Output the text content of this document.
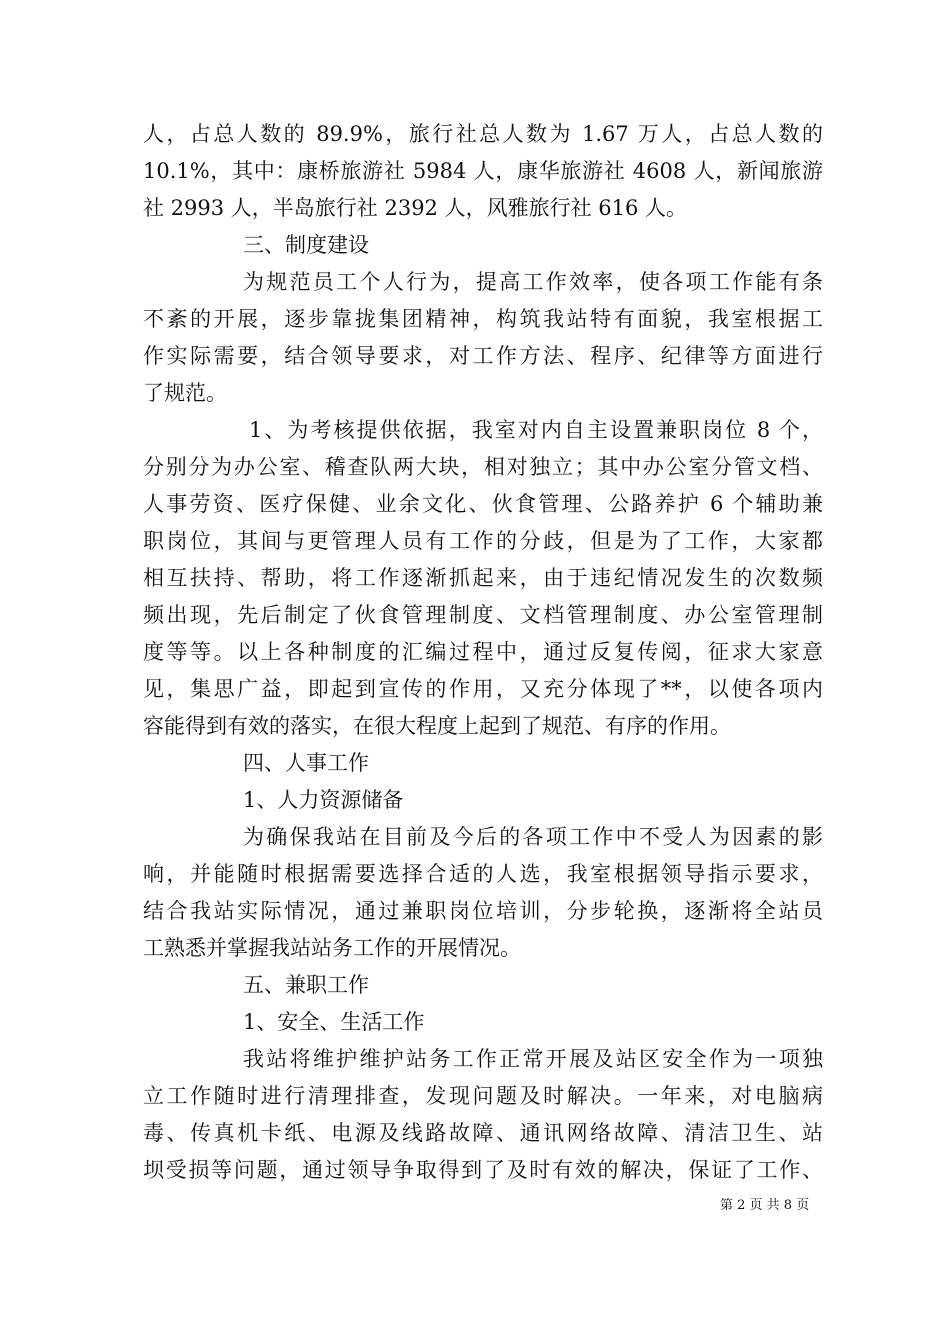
人，占总人数的 89.9%，旅行社总人数为 1.67 万人，占总人数的
10.1%，其中：康桥旅游社 5984 人，康华旅游社 4608 人，新闻旅游
社 2993 人，半岛旅行社 2392 人，风雅旅行社 616 人。
三、制度建设
为规范员工个人行为，提高工作效率，使各项工作能有条
不紊的开展，逐步靠拢集团精神，构筑我站特有面貌，我室根据工
作实际需要，结合领导要求，对工作方法、程序、纪律等方面进行
了规范。
1、为考核提供依据，我室对内自主设置兼职岗位 8 个，
分别分为办公室、稽查队两大块，相对独立；其中办公室分管文档、
人事劳资、医疗保健、业余文化、伙食管理、公路养护 6 个辅助兼
职岗位，其间与更管理人员有工作的分歧，但是为了工作，大家都
相互扶持、帮助，将工作逐渐抓起来，由于违纪情况发生的次数频
频出现，先后制定了伙食管理制度、文档管理制度、办公室管理制
度等等。以上各种制度的汇编过程中，通过反复传阅，征求大家意
见，集思广益，即起到宣传的作用，又充分体现了**，以使各项内
容能得到有效的落实，在很大程度上起到了规范、有序的作用。
四、人事工作
1、人力资源储备
为确保我站在目前及今后的各项工作中不受人为因素的影
响，并能随时根据需要选择合适的人选，我室根据领导指示要求，
结合我站实际情况，通过兼职岗位培训，分步轮换，逐渐将全站员
工熟悉并掌握我站站务工作的开展情况。
五、兼职工作
1、安全、生活工作
我站将维护维护站务工作正常开展及站区安全作为一项独
立工作随时进行清理排查，发现问题及时解决。一年来，对电脑病
毒、传真机卡纸、电源及线路故障、通讯网络故障、清洁卫生、站
坝受损等问题，通过领导争取得到了及时有效的解决，保证了工作、
第 2 页 共 8 页
